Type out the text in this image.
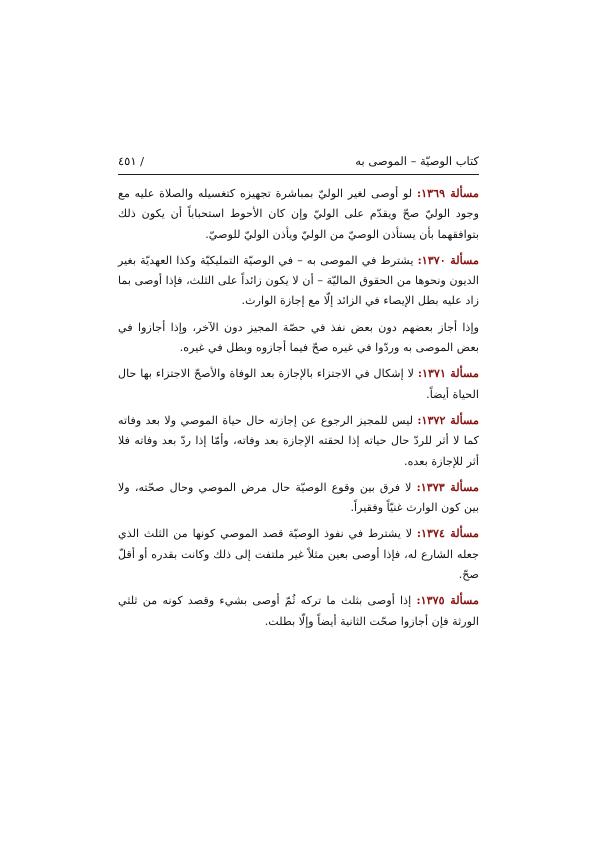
كتاب الوصيّة – الموصى به
/ ٤٥١

مسألة ١٣٦٩: لو أوصى لغير الوليّ بمباشرة تجهيزه كتغسيله والصلاة عليه مع وجود الوليّ صحّ ويقدّم على الوليّ وإن كان الأحوط استحباباً أن يكون ذلك بتوافقهما بأن يستأذن الوصيّ من الوليّ ويأذن الوليّ للوصيّ.

مسألة ١٣٧٠: يشترط في الموصى به – في الوصيّة التمليكيّة وكذا العهديّة بغير الديون ونحوها من الحقوق الماليّة – أن لا يكون زائداً على الثلث، فإذا أوصى بما زاد عليه بطل الإيصاء في الزائد إلّا مع إجازة الوارث.

وإذا أجاز بعضهم دون بعض نفذ في حصّة المجيز دون الآخر، وإذا أجازوا في بعض الموصى به وردّوا في غيره صحّ فيما أجازوه وبطل في غيره.

مسألة ١٣٧١: لا إشكال في الاجتزاء بالإجازة بعد الوفاة والأصحّ الاجتزاء بها حال الحياة أيضاً.

مسألة ١٣٧٢: ليس للمجيز الرجوع عن إجازته حال حياة الموصي ولا بعد وفاته كما لا أثر للردّ حال حياته إذا لحقته الإجازة بعد وفاته، وأمّا إذا ردّ بعد وفاته فلا أثر للإجازة بعده.

مسألة ١٣٧٣: لا فرق بين وقوع الوصيّة حال مرض الموصي وحال صحّته، ولا بين كون الوارث غنيّاً وفقيراً.

مسألة ١٣٧٤: لا يشترط في نفوذ الوصيّة قصد الموصي كونها من الثلث الذي جعله الشارع له، فإذا أوصى بعين مثلاً غير ملتفت إلى ذلك وكانت بقدره أو أقلّ صحّ.

مسألة ١٣٧٥: إذا أوصى بثلث ما تركه ثُمّ أوصى بشيء وقصد كونه من ثلثي الورثة فإن أجازوا صحّت الثانية أيضاً وإلّا بطلت.
